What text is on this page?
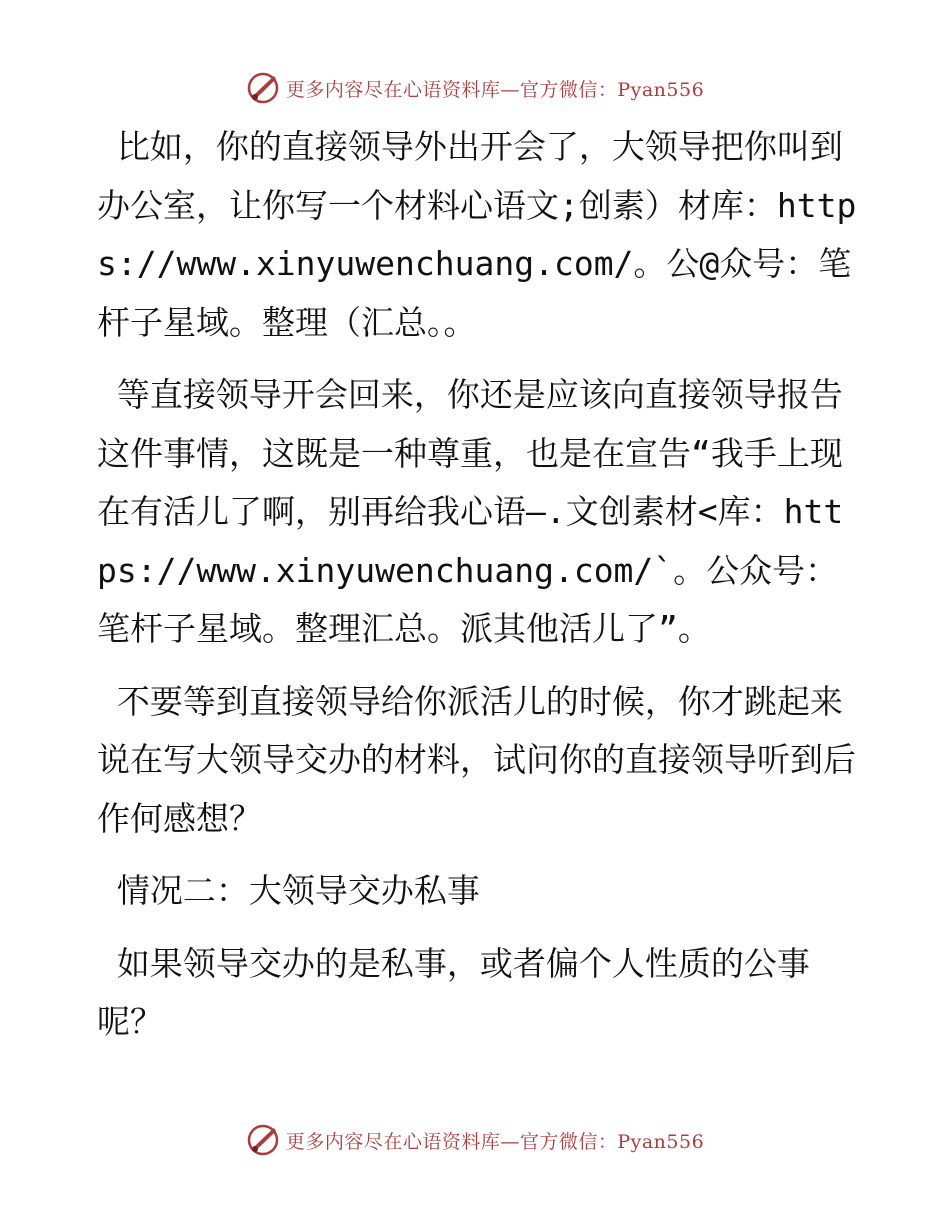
更多内容尽在心语资料库—官方微信：Pyan556

比如，你的直接领导外出开会了，大领导把你叫到办公室，让你写一个材料心语文;创素）材库：https://www.xinyuwenchuang.com/。公@众号：笔杆子星域。整理（汇总。。

等直接领导开会回来，你还是应该向直接领导报告这件事情，这既是一种尊重，也是在宣告“我手上现在有活儿了啊，别再给我心语—.文创素材<库：https://www.xinyuwenchuang.com/`。公众号：笔杆子星域。整理汇总。派其他活儿了”。

不要等到直接领导给你派活儿的时候，你才跳起来说在写大领导交办的材料，试问你的直接领导听到后作何感想？

情况二：大领导交办私事

如果领导交办的是私事，或者偏个人性质的公事呢？

更多内容尽在心语资料库—官方微信：Pyan556
